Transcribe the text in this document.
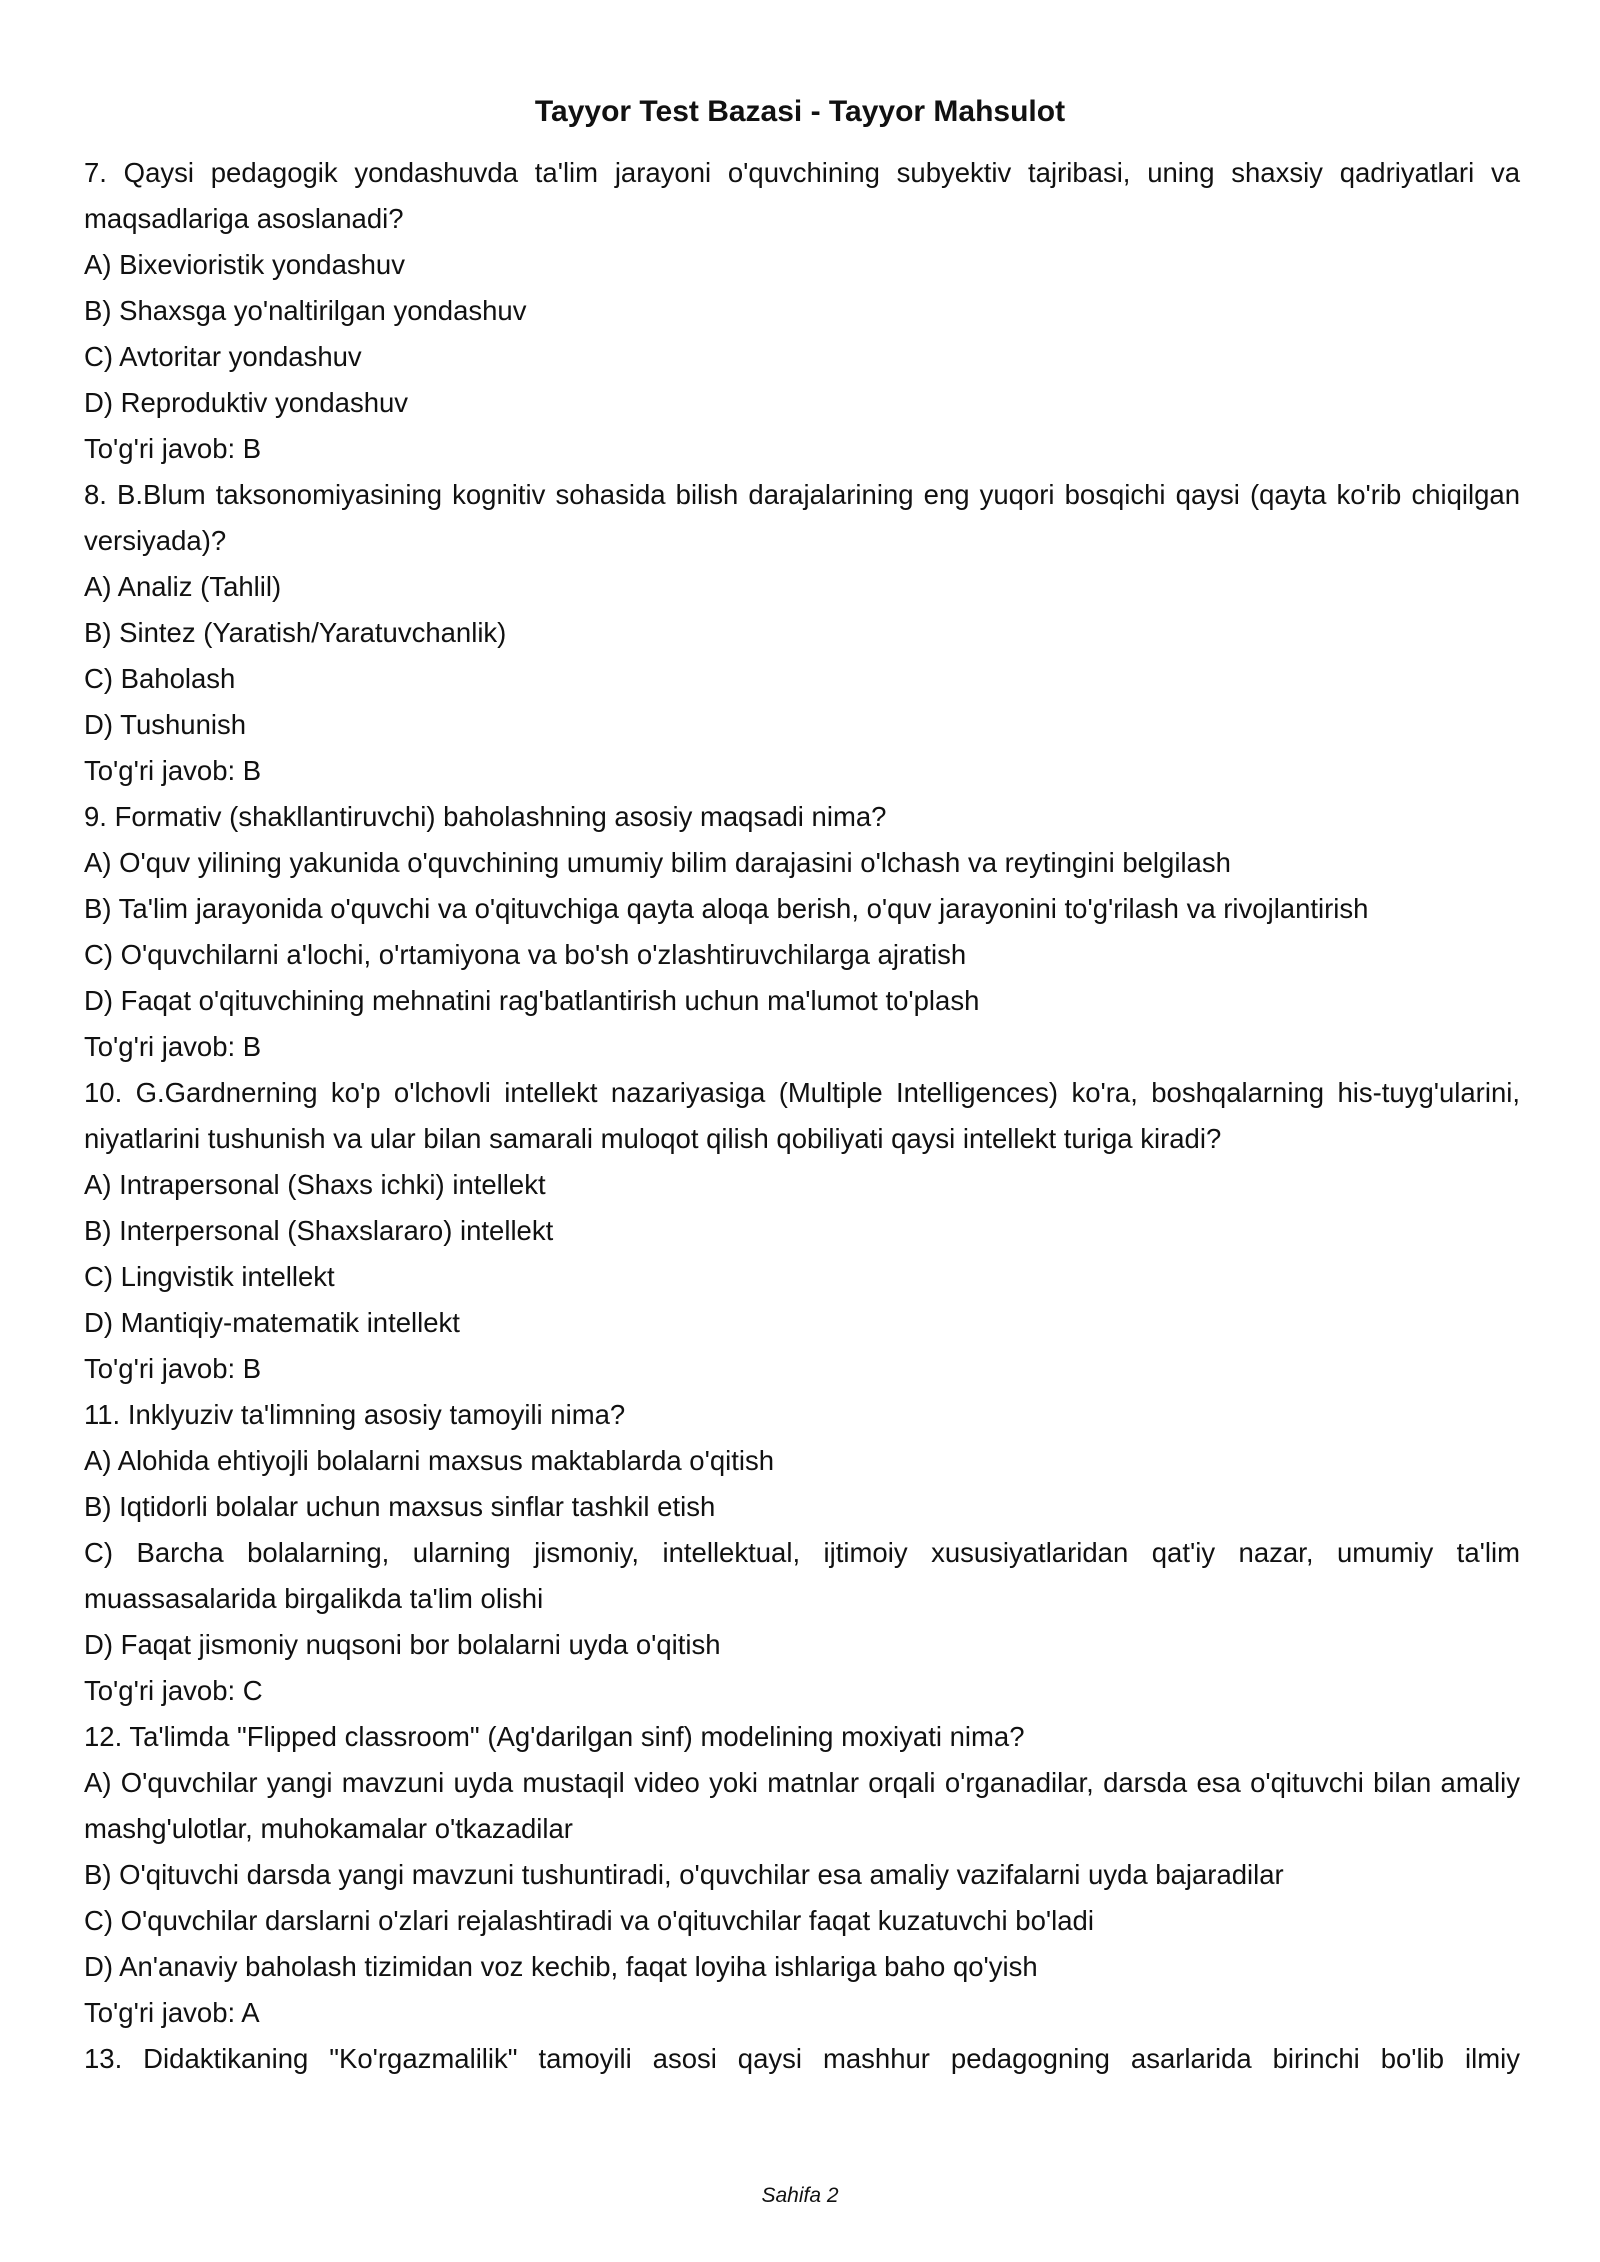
Tayyor Test Bazasi - Tayyor Mahsulot

7. Qaysi pedagogik yondashuvda ta'lim jarayoni o'quvchining subyektiv tajribasi, uning shaxsiy qadriyatlari va maqsadlariga asoslanadi?

A) Bixevioristik yondashuv

B) Shaxsga yo'naltirilgan yondashuv

C) Avtoritar yondashuv

D) Reproduktiv yondashuv

To'g'ri javob: B

8. B.Blum taksonomiyasining kognitiv sohasida bilish darajalarining eng yuqori bosqichi qaysi (qayta ko'rib chiqilgan versiyada)?

A) Analiz (Tahlil)

B) Sintez (Yaratish/Yaratuvchanlik)

C) Baholash

D) Tushunish

To'g'ri javob: B

9. Formativ (shakllantiruvchi) baholashning asosiy maqsadi nima?

A) O'quv yilining yakunida o'quvchining umumiy bilim darajasini o'lchash va reytingini belgilash

B) Ta'lim jarayonida o'quvchi va o'qituvchiga qayta aloqa berish, o'quv jarayonini to'g'rilash va rivojlantirish

C) O'quvchilarni a'lochi, o'rtamiyona va bo'sh o'zlashtiruvchilarga ajratish

D) Faqat o'qituvchining mehnatini rag'batlantirish uchun ma'lumot to'plash

To'g'ri javob: B

10. G.Gardnerning ko'p o'lchovli intellekt nazariyasiga (Multiple Intelligences) ko'ra, boshqalarning his-tuyg'ularini, niyatlarini tushunish va ular bilan samarali muloqot qilish qobiliyati qaysi intellekt turiga kiradi?

A) Intrapersonal (Shaxs ichki) intellekt

B) Interpersonal (Shaxslararo) intellekt

C) Lingvistik intellekt

D) Mantiqiy-matematik intellekt

To'g'ri javob: B

11. Inklyuziv ta'limning asosiy tamoyili nima?

A) Alohida ehtiyojli bolalarni maxsus maktablarda o'qitish

B) Iqtidorli bolalar uchun maxsus sinflar tashkil etish

C) Barcha bolalarning, ularning jismoniy, intellektual, ijtimoiy xususiyatlaridan qat'iy nazar, umumiy ta'lim muassasalarida birgalikda ta'lim olishi

D) Faqat jismoniy nuqsoni bor bolalarni uyda o'qitish

To'g'ri javob: C

12. Ta'limda "Flipped classroom" (Ag'darilgan sinf) modelining moxiyati nima?

A) O'quvchilar yangi mavzuni uyda mustaqil video yoki matnlar orqali o'rganadilar, darsda esa o'qituvchi bilan amaliy mashg'ulotlar, muhokamalar o'tkazadilar

B) O'qituvchi darsda yangi mavzuni tushuntiradi, o'quvchilar esa amaliy vazifalarni uyda bajaradilar

C) O'quvchilar darslarni o'zlari rejalashtiradi va o'qituvchilar faqat kuzatuvchi bo'ladi

D) An'anaviy baholash tizimidan voz kechib, faqat loyiha ishlariga baho qo'yish

To'g'ri javob: A

13. Didaktikaning "Ko'rgazmalilik" tamoyili asosi qaysi mashhur pedagogning asarlarida birinchi bo'lib ilmiy

Sahifa 2
